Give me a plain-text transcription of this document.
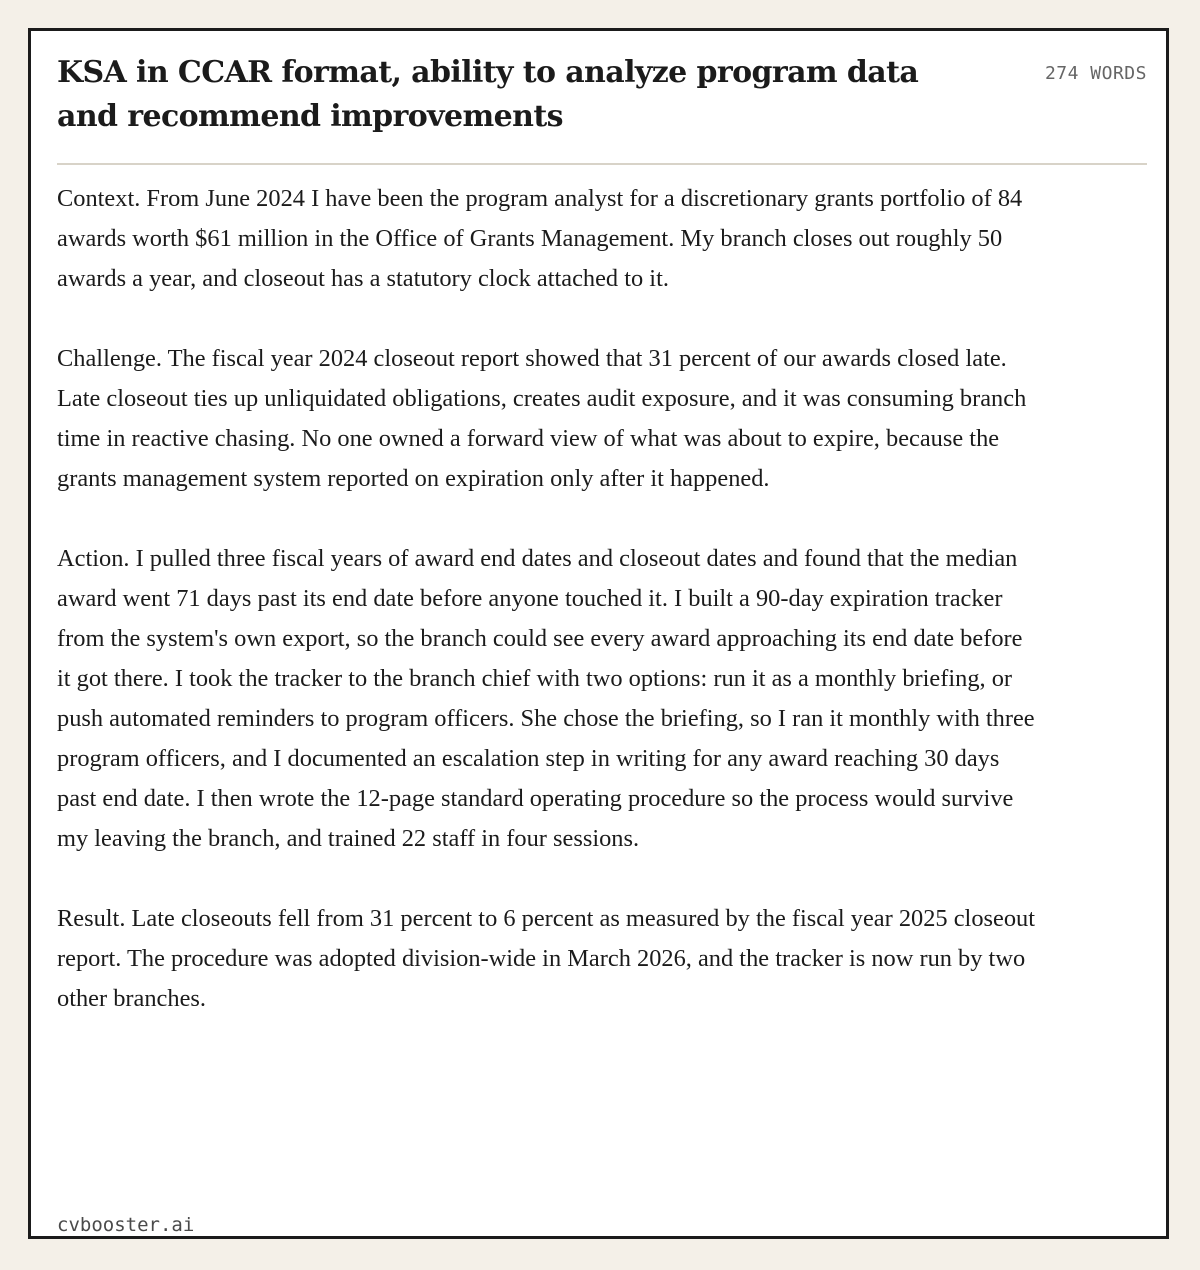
KSA in CCAR format, ability to analyze program data and recommend improvements
274 WORDS

Context. From June 2024 I have been the program analyst for a discretionary grants portfolio of 84 awards worth $61 million in the Office of Grants Management. My branch closes out roughly 50 awards a year, and closeout has a statutory clock attached to it.

Challenge. The fiscal year 2024 closeout report showed that 31 percent of our awards closed late. Late closeout ties up unliquidated obligations, creates audit exposure, and it was consuming branch time in reactive chasing. No one owned a forward view of what was about to expire, because the grants management system reported on expiration only after it happened.

Action. I pulled three fiscal years of award end dates and closeout dates and found that the median award went 71 days past its end date before anyone touched it. I built a 90-day expiration tracker from the system's own export, so the branch could see every award approaching its end date before it got there. I took the tracker to the branch chief with two options: run it as a monthly briefing, or push automated reminders to program officers. She chose the briefing, so I ran it monthly with three program officers, and I documented an escalation step in writing for any award reaching 30 days past end date. I then wrote the 12-page standard operating procedure so the process would survive my leaving the branch, and trained 22 staff in four sessions.

Result. Late closeouts fell from 31 percent to 6 percent as measured by the fiscal year 2025 closeout report. The procedure was adopted division-wide in March 2026, and the tracker is now run by two other branches.

cvbooster.ai
